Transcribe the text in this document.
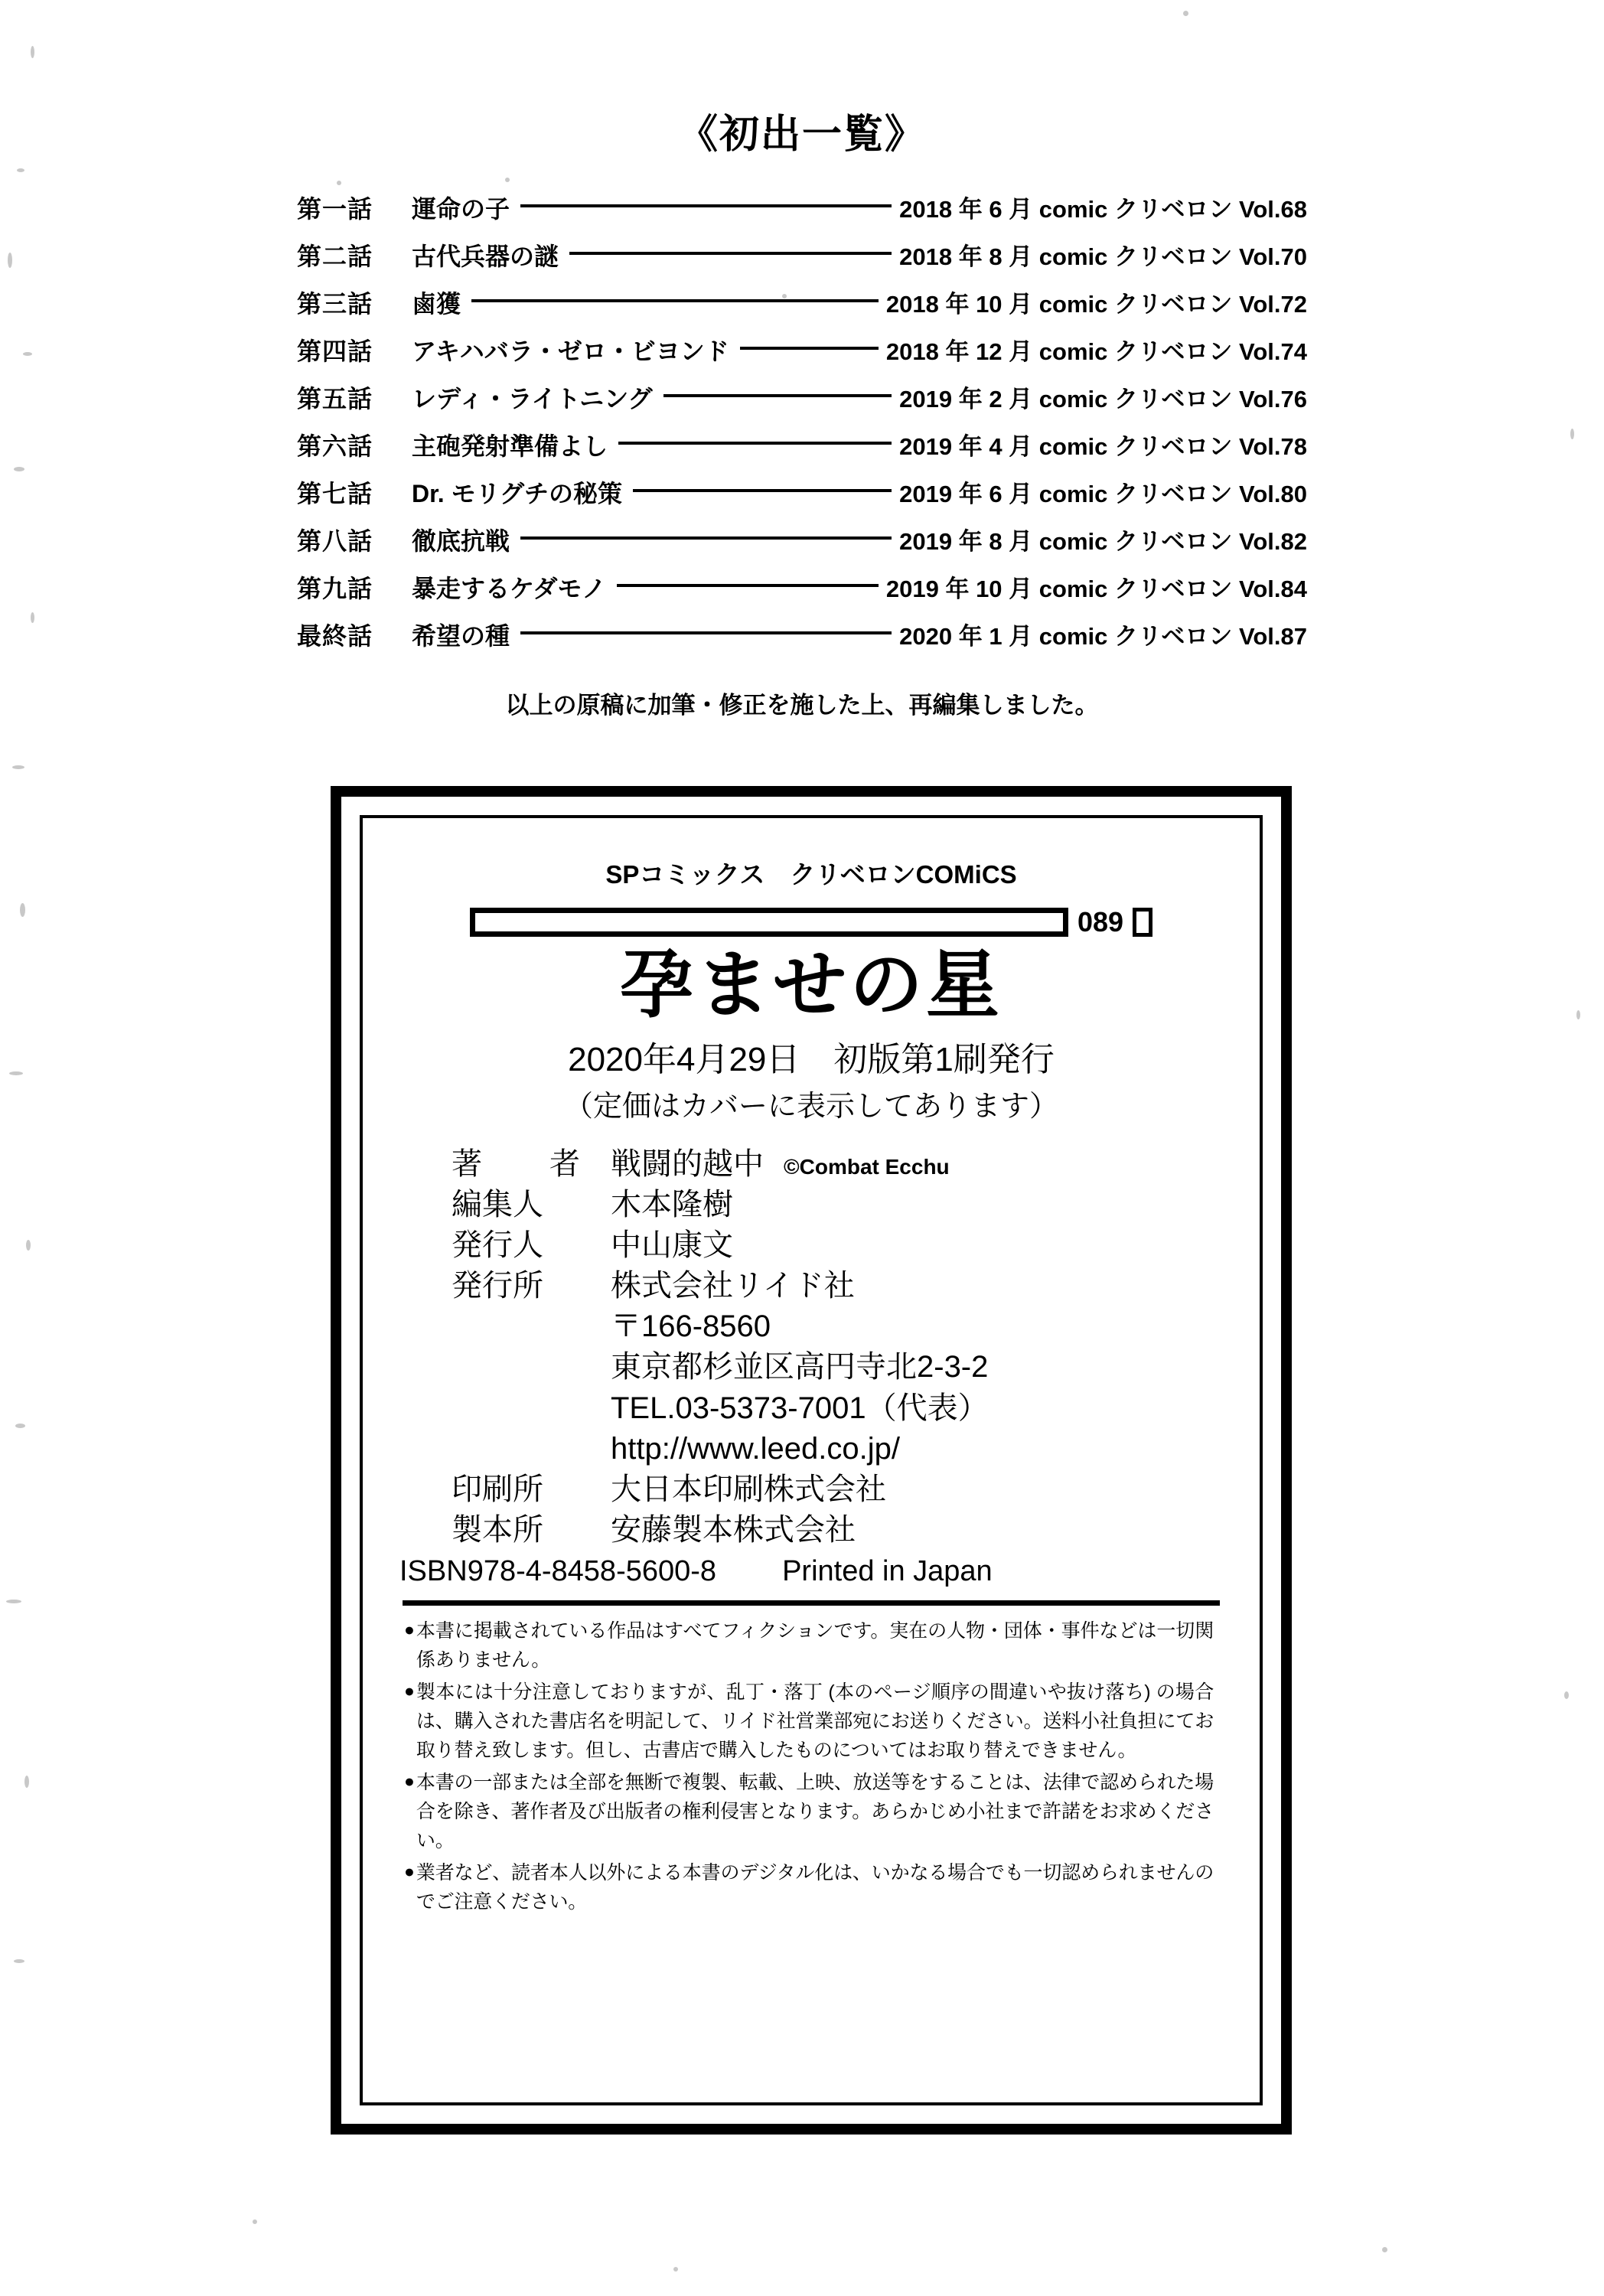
《初出一覧》
第一話	運命の子	2018 年 6 月 comic クリベロン Vol.68
第二話	古代兵器の謎	2018 年 8 月 comic クリベロン Vol.70
第三話	鹵獲	2018 年 10 月 comic クリベロン Vol.72
第四話	アキハバラ・ゼロ・ビヨンド	2018 年 12 月 comic クリベロン Vol.74
第五話	レディ・ライトニング	2019 年 2 月 comic クリベロン Vol.76
第六話	主砲発射準備よし	2019 年 4 月 comic クリベロン Vol.78
第七話	Dr. モリグチの秘策	2019 年 6 月 comic クリベロン Vol.80
第八話	徹底抗戦	2019 年 8 月 comic クリベロン Vol.82
第九話	暴走するケダモノ	2019 年 10 月 comic クリベロン Vol.84
最終話	希望の種	2020 年 1 月 comic クリベロン Vol.87
以上の原稿に加筆・修正を施した上、再編集しました。
SPコミックス　クリベロンCOMiCS
089
孕ませの星
2020年4月29日　初版第1刷発行
（定価はカバーに表示してあります）
著　者 戦闘的越中 ©Combat Ecchu
編集人	木本隆樹
発行人	中山康文
発行所	株式会社リイド社
〒166-8560
東京都杉並区高円寺北2-3-2
TEL.03-5373-7001（代表）
http://www.leed.co.jp/
印刷所	大日本印刷株式会社
製本所	安藤製本株式会社
ISBN978-4-8458-5600-8	Printed in Japan
● 本書に掲載されている作品はすべてフィクションです。実在の人物・団体・事件などは一切関係ありません。
● 製本には十分注意しておりますが、乱丁・落丁 (本のページ順序の間違いや抜け落ち) の場合は、購入された書店名を明記して、リイド社営業部宛にお送りください。送料小社負担にてお取り替え致します。但し、古書店で購入したものについてはお取り替えできません。
● 本書の一部または全部を無断で複製、転載、上映、放送等をすることは、法律で認められた場合を除き、著作者及び出版者の権利侵害となります。あらかじめ小社まで許諾をお求めください。
● 業者など、読者本人以外による本書のデジタル化は、いかなる場合でも一切認められませんのでご注意ください。
